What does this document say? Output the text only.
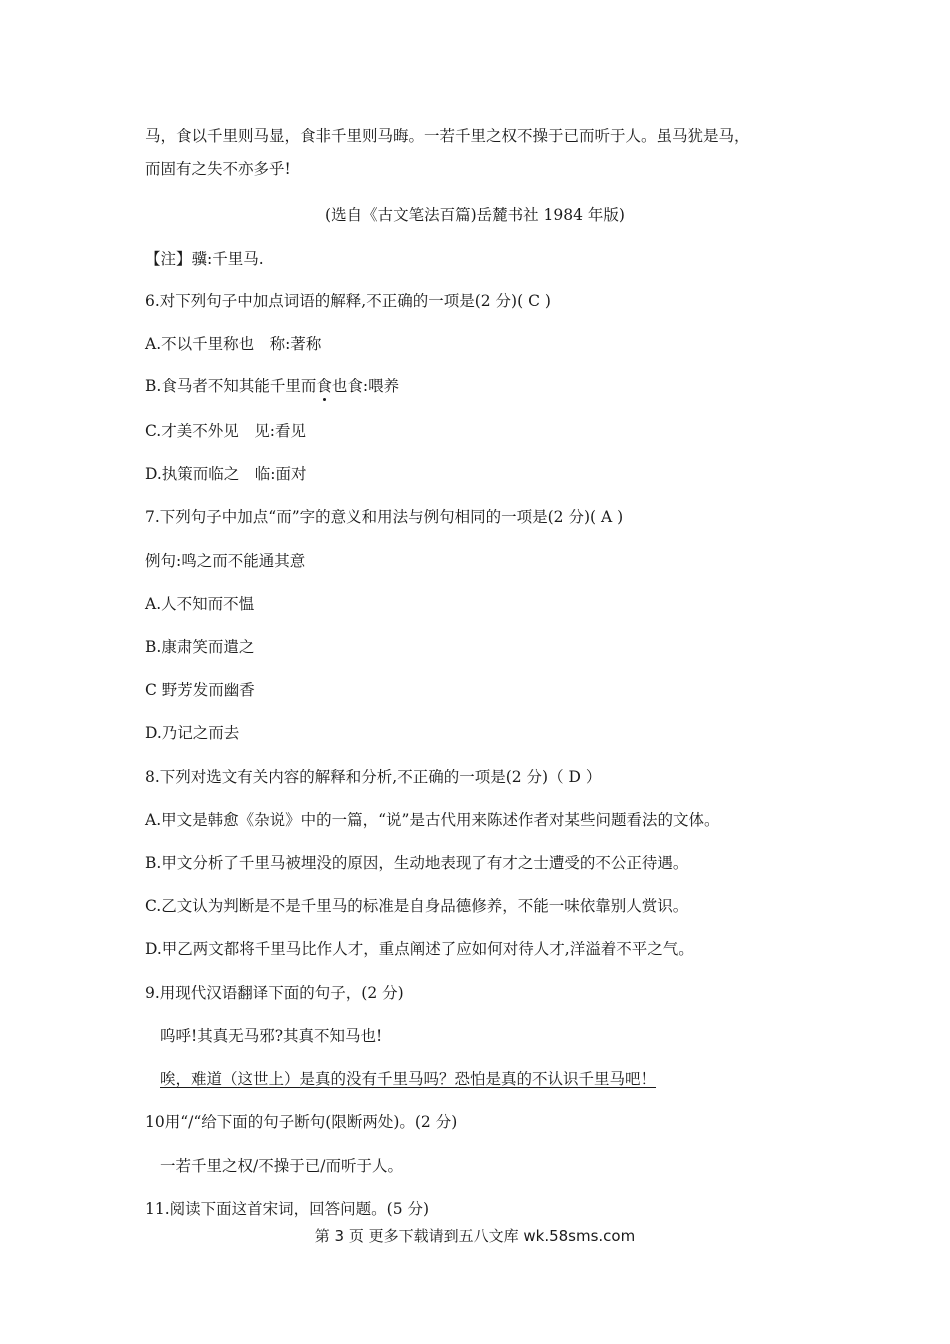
马，食以千里则马显，食非千里则马晦。一若千里之权不操于已而听于人。虽马犹是马，
而固有之失不亦多乎!
(选自《古文笔法百篇)岳麓书社 1984 年版)
【注】骥:千里马.
6.对下列句子中加点词语的解释,不正确的一项是(2 分)( C )
A.不以千里称也　称:著称
B.食马者不知其能千里而食也食:喂养
C.才美不外见　见:看见
D.执策而临之　临:面对
7.下列句子中加点“而”字的意义和用法与例句相同的一项是(2 分)( A )
例句:鸣之而不能通其意
A.人不知而不愠
B.康肃笑而遣之
C 野芳发而幽香
D.乃记之而去
8.下列对选文有关内容的解释和分析,不正确的一项是(2 分)（ D ）
A.甲文是韩愈《杂说》中的一篇，“说”是古代用来陈述作者对某些问题看法的文体。
B.甲文分析了千里马被埋没的原因，生动地表现了有才之士遭受的不公正待遇。
C.乙文认为判断是不是千里马的标准是自身品德修养，不能一味依靠别人赏识。
D.甲乙两文都将千里马比作人才，重点阐述了应如何对待人才,洋溢着不平之气。
9.用现代汉语翻译下面的句子，(2 分)
呜呼!其真无马邪?其真不知马也!
唉，难道（这世上）是真的没有千里马吗？恐怕是真的不认识千里马吧！
10用“/“给下面的句子断句(限断两处)。(2 分)
一若千里之权/不操于已/而听于人。
11.阅读下面这首宋词，回答问题。(5 分)
第 3 页 更多下载请到五八文库 wk.58sms.com
